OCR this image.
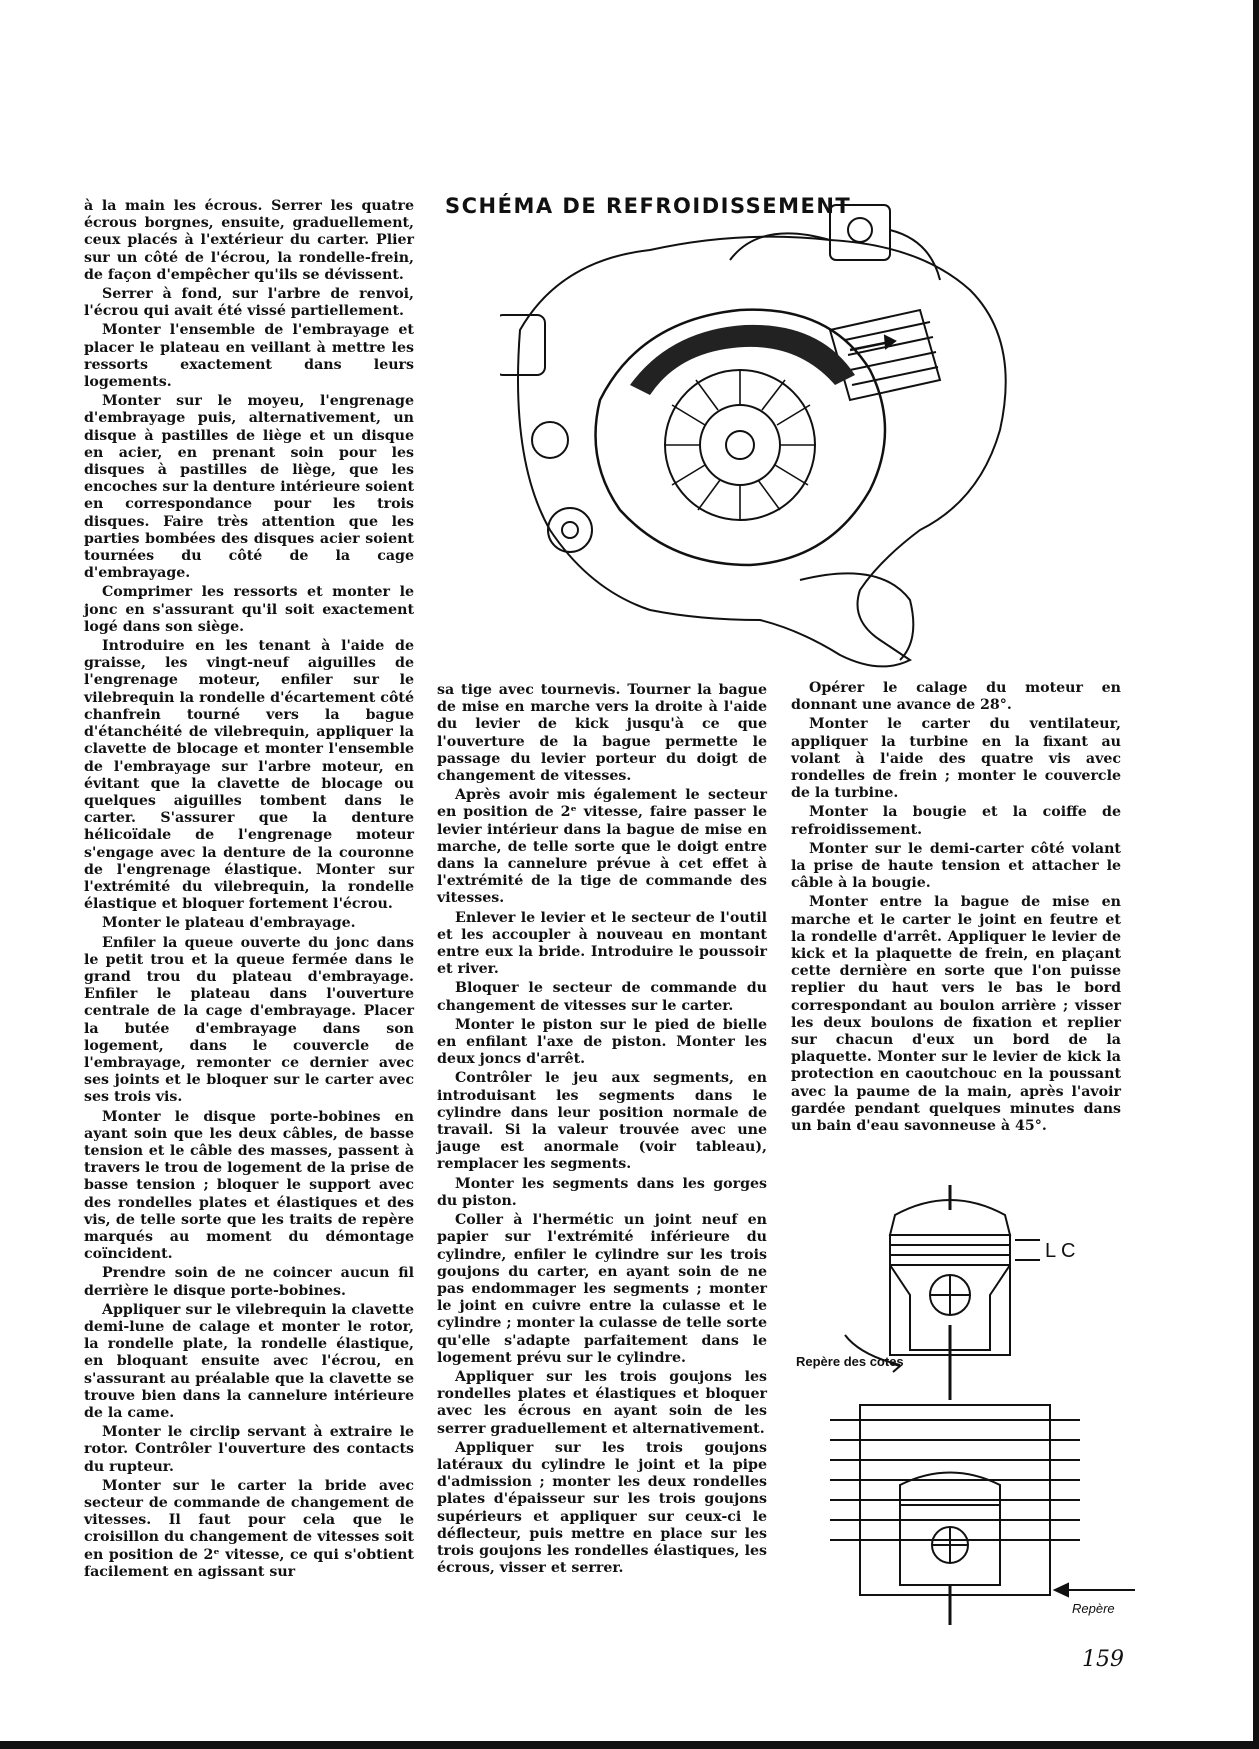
SCHÉMA DE REFROIDISSEMENT

à la main les écrous. Serrer les quatre écrous borgnes, ensuite, graduellement, ceux placés à l'extérieur du carter. Plier sur un côté de l'écrou, la rondelle-frein, de façon d'empêcher qu'ils se dévissent.

Serrer à fond, sur l'arbre de renvoi, l'écrou qui avait été vissé partiellement.

Monter l'ensemble de l'embrayage et placer le plateau en veillant à mettre les ressorts exactement dans leurs logements.

Monter sur le moyeu, l'engrenage d'embrayage puis, alternativement, un disque à pastilles de liège et un disque en acier, en prenant soin pour les disques à pastilles de liège, que les encoches sur la denture intérieure soient en correspondance pour les trois disques. Faire très attention que les parties bombées des disques acier soient tournées du côté de la cage d'embrayage.

Comprimer les ressorts et monter le jonc en s'assurant qu'il soit exactement logé dans son siège.

Introduire en les tenant à l'aide de graisse, les vingt-neuf aiguilles de l'engrenage moteur, enfiler sur le vilebrequin la rondelle d'écartement côté chanfrein tourné vers la bague d'étanchéité de vilebrequin, appliquer la clavette de blocage et monter l'ensemble de l'embrayage sur l'arbre moteur, en évitant que la clavette de blocage ou quelques aiguilles tombent dans le carter. S'assurer que la denture hélicoïdale de l'engrenage moteur s'engage avec la denture de la couronne de l'engrenage élastique. Monter sur l'extrémité du vilebrequin, la rondelle élastique et bloquer fortement l'écrou.

Monter le plateau d'embrayage.

Enfiler la queue ouverte du jonc dans le petit trou et la queue fermée dans le grand trou du plateau d'embrayage. Enfiler le plateau dans l'ouverture centrale de la cage d'embrayage. Placer la butée d'embrayage dans son logement, dans le couvercle de l'embrayage, remonter ce dernier avec ses joints et le bloquer sur le carter avec ses trois vis.

Monter le disque porte-bobines en ayant soin que les deux câbles, de basse tension et le câble des masses, passent à travers le trou de logement de la prise de basse tension ; bloquer le support avec des rondelles plates et élastiques et des vis, de telle sorte que les traits de repère marqués au moment du démontage coïncident.

Prendre soin de ne coincer aucun fil derrière le disque porte-bobines.

Appliquer sur le vilebrequin la clavette demi-lune de calage et monter le rotor, la rondelle plate, la rondelle élastique, en bloquant ensuite avec l'écrou, en s'assurant au préalable que la clavette se trouve bien dans la cannelure intérieure de la came.

Monter le circlip servant à extraire le rotor. Contrôler l'ouverture des contacts du rupteur.

Monter sur le carter la bride avec secteur de commande de changement de vitesses. Il faut pour cela que le croisillon du changement de vitesses soit en position de 2ᵉ vitesse, ce qui s'obtient facilement en agissant sur

sa tige avec tournevis. Tourner la bague de mise en marche vers la droite à l'aide du levier de kick jusqu'à ce que l'ouverture de la bague permette le passage du levier porteur du doigt de changement de vitesses.

Après avoir mis également le secteur en position de 2ᵉ vitesse, faire passer le levier intérieur dans la bague de mise en marche, de telle sorte que le doigt entre dans la cannelure prévue à cet effet à l'extrémité de la tige de commande des vitesses.

Enlever le levier et le secteur de l'outil et les accoupler à nouveau en montant entre eux la bride. Introduire le poussoir et river.

Bloquer le secteur de commande du changement de vitesses sur le carter.

Monter le piston sur le pied de bielle en enfilant l'axe de piston. Monter les deux joncs d'arrêt.

Contrôler le jeu aux segments, en introduisant les segments dans le cylindre dans leur position normale de travail. Si la valeur trouvée avec une jauge est anormale (voir tableau), remplacer les segments.

Monter les segments dans les gorges du piston.

Coller à l'hermétic un joint neuf en papier sur l'extrémité inférieure du cylindre, enfiler le cylindre sur les trois goujons du carter, en ayant soin de ne pas endommager les segments ; monter le joint en cuivre entre la culasse et le cylindre ; monter la culasse de telle sorte qu'elle s'adapte parfaitement dans le logement prévu sur le cylindre.

Appliquer sur les trois goujons les rondelles plates et élastiques et bloquer avec les écrous en ayant soin de les serrer graduellement et alternativement.

Appliquer sur les trois goujons latéraux du cylindre le joint et la pipe d'admission ; monter les deux rondelles plates d'épaisseur sur les trois goujons supérieurs et appliquer sur ceux-ci le déflecteur, puis mettre en place sur les trois goujons les rondelles élastiques, les écrous, visser et serrer.

Opérer le calage du moteur en donnant une avance de 28°.

Monter le carter du ventilateur, appliquer la turbine en la fixant au volant à l'aide des quatre vis avec rondelles de frein ; monter le couvercle de la turbine.

Monter la bougie et la coiffe de refroidissement.

Monter sur le demi-carter côté volant la prise de haute tension et attacher le câble à la bougie.

Monter entre la bague de mise en marche et le carter le joint en feutre et la rondelle d'arrêt. Appliquer le levier de kick et la plaquette de frein, en plaçant cette dernière en sorte que l'on puisse replier du haut vers le bas le bord correspondant au boulon arrière ; visser les deux boulons de fixation et replier sur chacun d'eux un bord de la plaquette. Monter sur le levier de kick la protection en caoutchouc en la poussant avec la paume de la main, après l'avoir gardée pendant quelques minutes dans un bain d'eau savonneuse à 45°.

L C
Repère des cotes
Repère
159
